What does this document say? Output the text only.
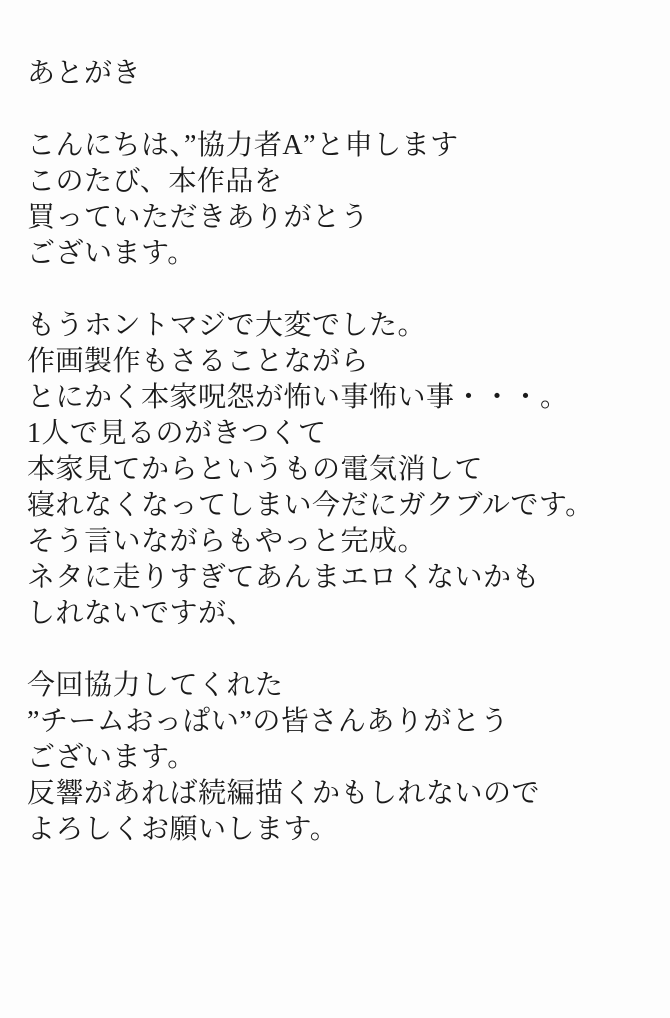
あとがき
こんにちは、”協力者A”と申します
このたび、本作品を
買っていただきありがとう
ございます。
もうホントマジで大変でした。
作画製作もさることながら
とにかく本家呪怨が怖い事怖い事・・・。
1人で見るのがきつくて
本家見てからというもの電気消して
寝れなくなってしまい今だにガクブルです。
そう言いながらもやっと完成。
ネタに走りすぎてあんまエロくないかも
しれないですが、
今回協力してくれた
”チームおっぱい”の皆さんありがとう
ございます。
反響があれば続編描くかもしれないので
よろしくお願いします。
